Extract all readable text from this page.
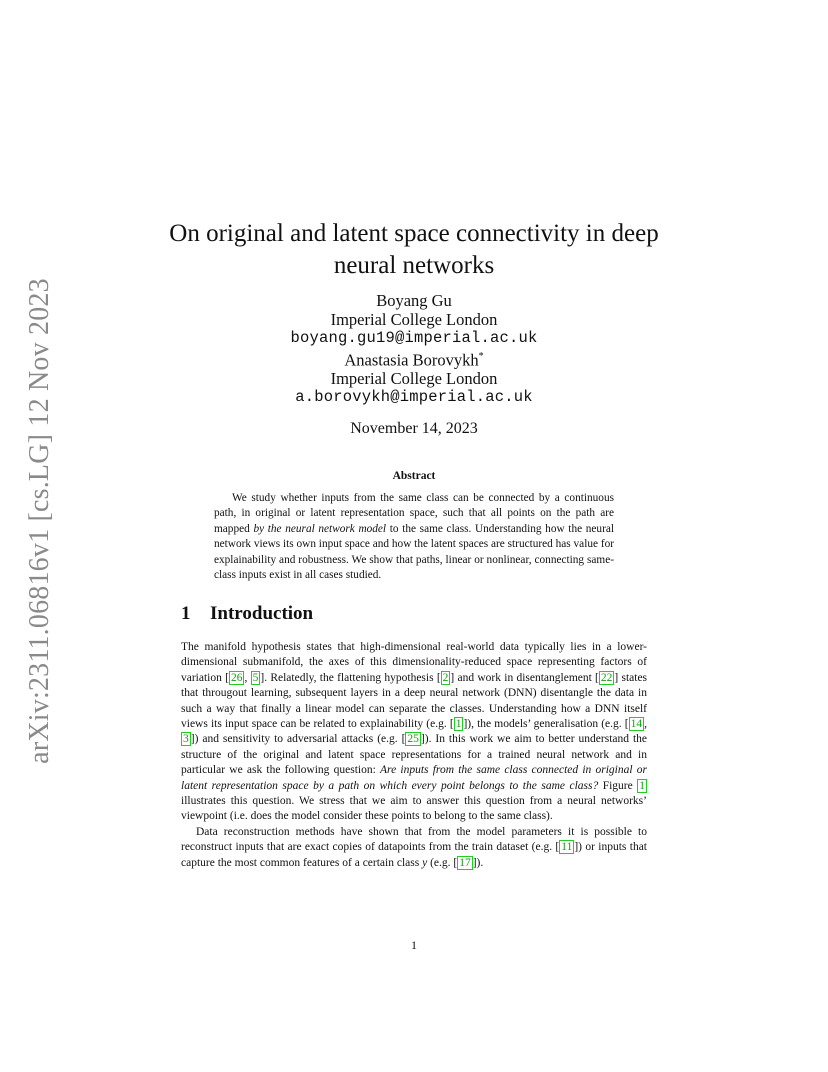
arXiv:2311.06816v1 [cs.LG] 12 Nov 2023
On original and latent space connectivity in deep
neural networks
Boyang Gu
Imperial College London
boyang.gu19@imperial.ac.uk
Anastasia Borovykh*
Imperial College London
a.borovykh@imperial.ac.uk
November 14, 2023
Abstract

We study whether inputs from the same class can be connected by a continuous path, in original or latent representation space, such that all points on the path are mapped by the neural network model to the same class. Understanding how the neural network views its own input space and how the latent spaces are structured has value for explainability and robustness. We show that paths, linear or nonlinear, connecting same-class inputs exist in all cases studied.

1 Introduction

The manifold hypothesis states that high-dimensional real-world data typically lies in a lower-dimensional submanifold, the axes of this dimensionality-reduced space representing factors of variation [ 26 , 5 ]. Relatedly, the flattening hypothesis [ 2 ] and work in disentanglement [ 22 ] states that througout learning, subsequent layers in a deep neural network (DNN) disentangle the data in such a way that finally a linear model can separate the classes. Understanding how a DNN itself views its input space can be related to explainability (e.g. [ 1 ]), the models’ generalisation (e.g. [ 14 , 3 ]) and sensitivity to adversarial attacks (e.g. [ 25 ]). In this work we aim to better understand the structure of the original and latent space representations for a trained neural network and in particular we ask the following question: Are inputs from the same class connected in original or latent representation space by a path on which every point belongs to the same class? Figure 1 illustrates this question. We stress that we aim to answer this question from a neural networks’ viewpoint (i.e. does the model consider these points to belong to the same class).

Data reconstruction methods have shown that from the model parameters it is possible to reconstruct inputs that are exact copies of datapoints from the train dataset (e.g. [ 11 ]) or inputs that capture the most common features of a certain class y (e.g. [ 17 ]).

1
